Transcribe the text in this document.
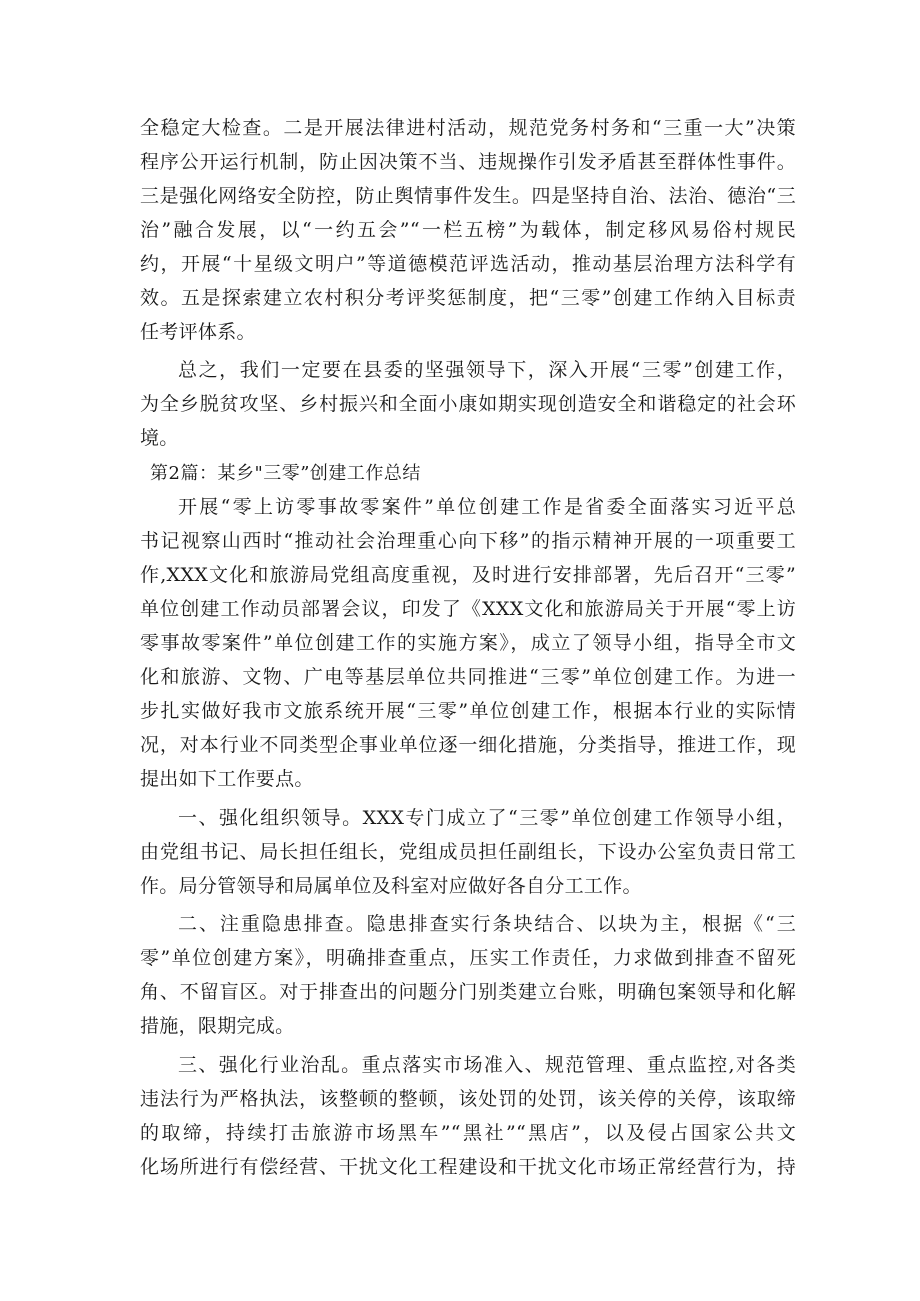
全稳定大检查。二是开展法律进村活动，规范党务村务和“三重一大”决策
程序公开运行机制，防止因决策不当、违规操作引发矛盾甚至群体性事件。
三是强化网络安全防控，防止舆情事件发生。四是坚持自治、法治、德治“三
治”融合发展，以“一约五会”“一栏五榜”为载体，制定移风易俗村规民
约，开展“十星级文明户”等道德模范评选活动，推动基层治理方法科学有
效。五是探索建立农村积分考评奖惩制度，把“三零”创建工作纳入目标责
任考评体系。
总之，我们一定要在县委的坚强领导下，深入开展“三零”创建工作，
为全乡脱贫攻坚、乡村振兴和全面小康如期实现创造安全和谐稳定的社会环
境。
第2篇：某乡"三零”创建工作总结
开展“零上访零事故零案件”单位创建工作是省委全面落实习近平总
书记视察山西时“推动社会治理重心向下移”的指示精神开展的一项重要工
作,XXX文化和旅游局党组高度重视，及时进行安排部署，先后召开“三零”
单位创建工作动员部署会议，印发了《XXX文化和旅游局关于开展“零上访
零事故零案件”单位创建工作的实施方案》，成立了领导小组，指导全市文
化和旅游、文物、广电等基层单位共同推进“三零”单位创建工作。为进一
步扎实做好我市文旅系统开展“三零”单位创建工作，根据本行业的实际情
况，对本行业不同类型企事业单位逐一细化措施，分类指导，推进工作，现
提出如下工作要点。
一、强化组织领导。XXX专门成立了“三零”单位创建工作领导小组，
由党组书记、局长担任组长，党组成员担任副组长，下设办公室负责日常工
作。局分管领导和局属单位及科室对应做好各自分工工作。
二、注重隐患排查。隐患排查实行条块结合、以块为主，根据《“三
零”单位创建方案》，明确排查重点，压实工作责任，力求做到排查不留死
角、不留盲区。对于排查出的问题分门别类建立台账，明确包案领导和化解
措施，限期完成。
三、强化行业治乱。重点落实市场准入、规范管理、重点监控,对各类
违法行为严格执法，该整顿的整顿，该处罚的处罚，该关停的关停，该取缔
的取缔，持续打击旅游市场黑车”“黑社”“黑店”，以及侵占国家公共文
化场所进行有偿经营、干扰文化工程建设和干扰文化市场正常经营行为，持
